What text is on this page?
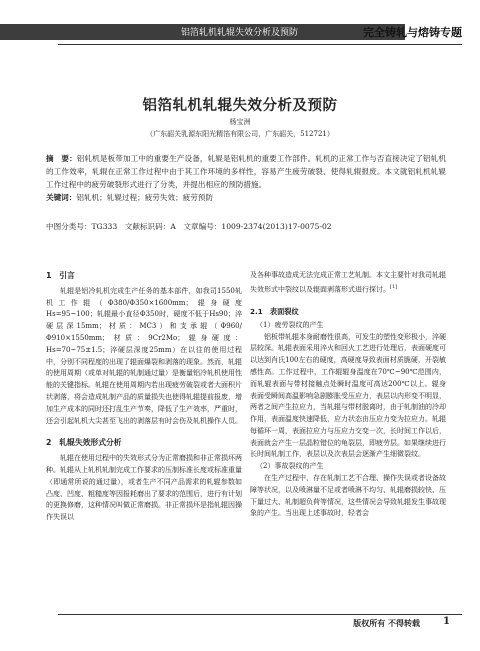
铝箔轧机轧辊失效分析及预防	完全铸轧与熔铸专题
铝箔轧机轧辊失效分析及预防
杨宝洲
（广东韶关乳源东阳光精箔有限公司，广东韶关，512721）
摘　要：铝轧机是板带加工中的重要生产设备，轧辊是铝轧机的重要工作部件。轧机的正常工作与否直接决定了铝轧机的工作效率，轧辊在正常工作过程中由于其工作环境的多样性，容易产生疲劳破裂、使得轧辊报废。本文就铝轧机轧辊工作过程中的疲劳破裂形式进行了分类，并提出相应的预防措施。
关键词：铝轧机；轧辊过程；疲劳失效；疲劳预防
中图分类号：TG333　文献标识码：A　文章编号：1009-2374(2013)17-0075-02
1　引言

轧辊是铝冷轧机完成生产任务的基本部件，如我司1550轧机工作辊（Φ380/Φ350×1600mm；辊身硬度Hs=95~100；轧辊最小直径Φ350时，硬度不低于Hs90；淬硬层深15mm；材质：MC3）和支承辊（Φ960/Φ910×1550mm；材质：9Cr2Mo；辊身硬度：Hs=70~75±1.5；淬硬层深度25mm）在以往的使用过程中，分别不同程度的出现了辊面爆裂和剥落的现象。然而，轧辊的使用周期（或单对轧辊的轧制通过量）是衡量铝冷轧机使用性能的关键指标。轧辊在使用周期内若出现疲劳破裂或者大面积片状剥落，将会造成轧制产品的质量损失也使得轧辊提前报废，增加生产成本的同时还打乱生产节奏，降低了生产效率，严重时，还会引起轧机大尖甚至飞出的剥落层有时会伤及轧机操作人员。

2　轧辊失效形式分析

轧辊在使用过程中的失效形式分为正常磨损和非正常损坏两种。轧辊从上轧机轧制完成工作要求的压制标准长度或标准重量（即通常所说的通过量），或者生产不同产品需求的轧辊参数如凸度、凹度、粗糙度等因报耗磨出了要求的范围后，进行有计划的更换修磨，这种情况叫做正常磨损。非正常损坏是指轧辊因操作失误以

及各种事故造成无法完成正常工艺轧制。本文主要针对我司轧辊失效形式中裂纹以及辊面剥落形式进行探讨。[1]

2.1　表面裂纹

（1）疲劳裂纹的产生

铝板带轧辊本身耐磨性很高，可发生的塑性变形极小，淬硬层较深。轧辊表面采用淬火和回火工艺进行处理后，表面硬度可以达到肖氏100左右的硬度，高硬度导致表面材质脆硬，开裂敏感性高。工作过程中，工作辊辊身温度在70℃~90℃范围内，而轧辊表面与带材接触点处瞬时温度可高达200℃以上。辊身表面受瞬间高温影响急剧膨胀受压应力，表层以内形变不明显，两者之间产生拉应力，当轧辊与带材脱离时，由于轧制油的冷却作用，表面温度快速降低，应力状态由压应力变为拉应力。轧辊每循环一周，表面拉应力与压应力交变一次，长时间工作以后，表面就会产生一层晶粒错位的龟裂层，即疲劳层。如果继续进行长时间轧制工作，表层以及次表层会逐渐产生细微裂纹。

（2）事故裂纹的产生

在生产过程中，存在轧制工艺不合理、操作失误或者设备故障等状况，以及喷淋量不足或者喷淋不均匀、轧辊磨损较快、压下量过大、轧制超负荷等情况，这些情况会导致轧辊发生事故现象的产生。当出现上述事故时，轻者会

版权所有 不得转载 1
